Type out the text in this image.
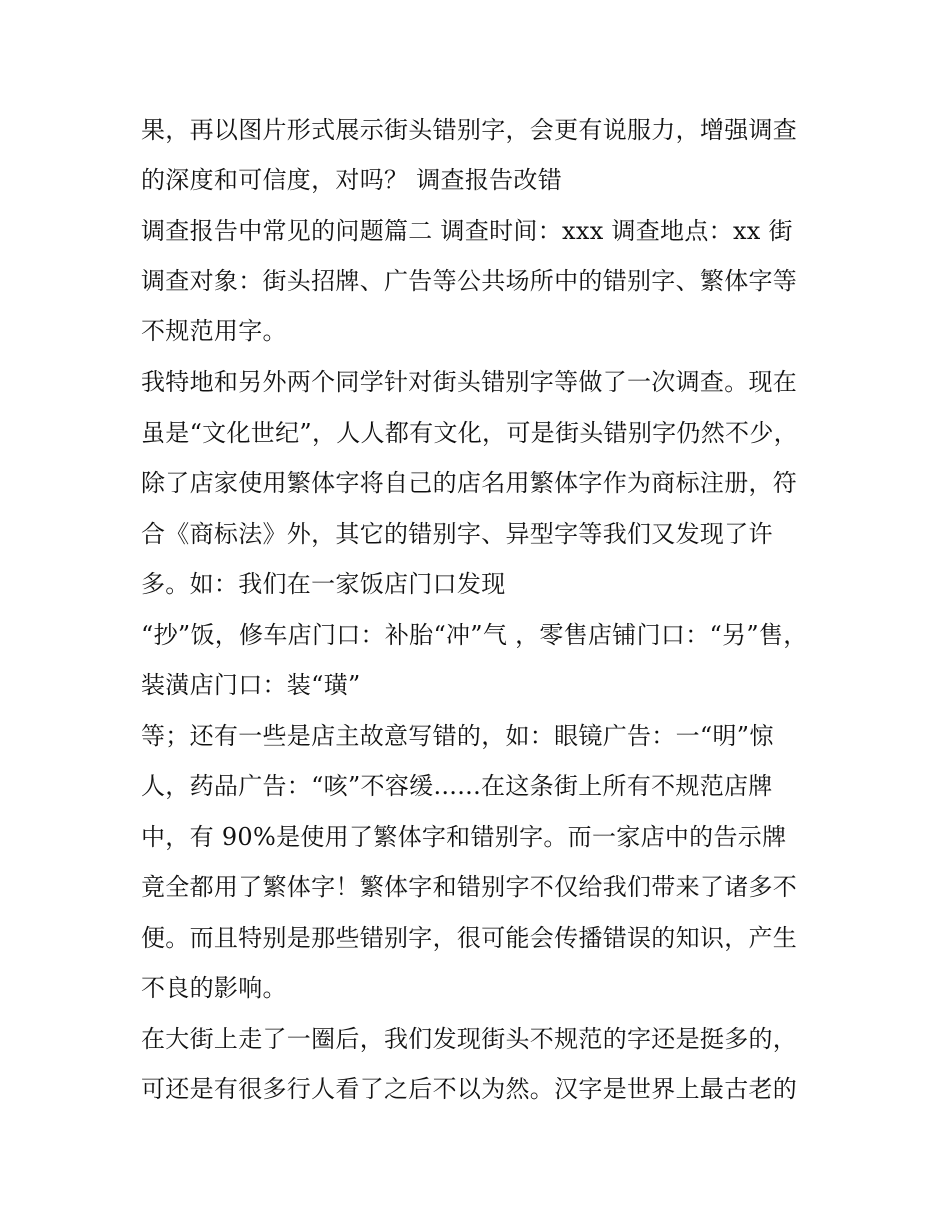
果，再以图片形式展示街头错别字，会更有说服力，增强调查
的深度和可信度，对吗？ 调查报告改错
调查报告中常见的问题篇二 调查时间：xxx 调查地点：xx 街
调查对象：街头招牌、广告等公共场所中的错别字、繁体字等
不规范用字。
我特地和另外两个同学针对街头错别字等做了一次调查。现在
虽是“文化世纪”，人人都有文化，可是街头错别字仍然不少，
除了店家使用繁体字将自己的店名用繁体字作为商标注册，符
合《商标法》外，其它的错别字、异型字等我们又发现了许
多。如：我们在一家饭店门口发现
“抄”饭，修车店门口：补胎“冲”气 ，零售店铺门口：“另”售，
装潢店门口：装“璜”
等；还有一些是店主故意写错的，如：眼镜广告：一“明”惊
人，药品广告：“咳”不容缓......在这条街上所有不规范店牌
中，有 90%是使用了繁体字和错别字。而一家店中的告示牌
竟全都用了繁体字！繁体字和错别字不仅给我们带来了诸多不
便。而且特别是那些错别字，很可能会传播错误的知识，产生
不良的影响。
在大街上走了一圈后，我们发现街头不规范的字还是挺多的，
可还是有很多行人看了之后不以为然。汉字是世界上最古老的
